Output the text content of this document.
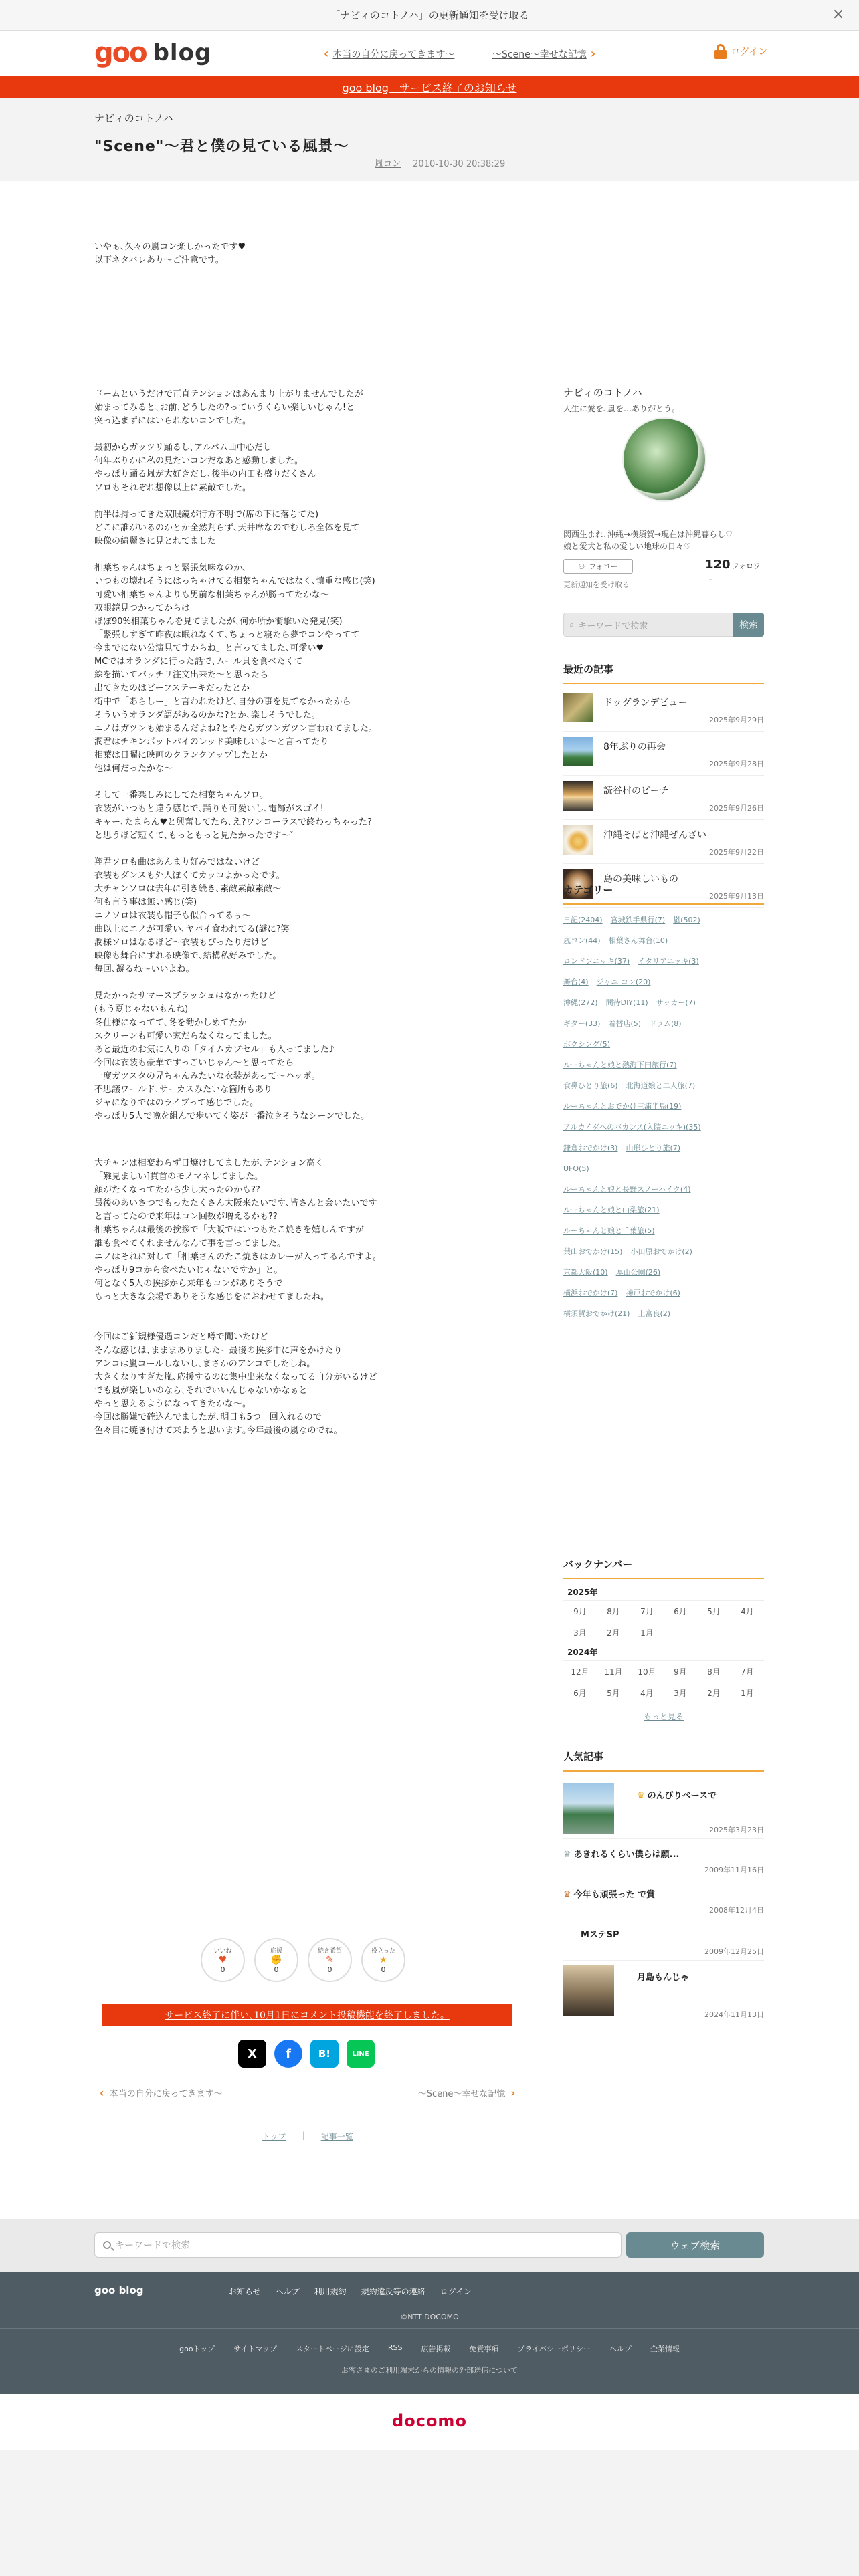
「ナビィのコトノハ」の更新通知を受け取る	×
goo blog	‹ 本当の自分に戻ってきます〜	〜Scene〜幸せな記憶 ›	ログイン
goo blog　サービス終了のお知らせ
ナビィのコトノハ
"Scene"〜君と僕の見ている風景〜
嵐コン 2010-10-30 20:38:29

いやぁ､久々の嵐コン楽しかったです♥
以下ネタバレあり〜ご注意です。

ドームというだけで正直テンションはあんまり上がりませんでしたが
始まってみると､お前､どうしたの?っていうくらい楽しいじゃん!と
突っ込まずにはいられないコンでした。

最初からガッツリ踊るし､アルバム曲中心だし
何年ぶりかに私の見たいコンだなあと感動しました。
やっぱり踊る嵐が大好きだし､後半の内田も盛りだくさん
ソロもそれぞれ想像以上に素敵でした。

前半は持ってきた双眼鏡が行方不明で(席の下に落ちてた)
どこに誰がいるのかとか全然判らず､天井席なのでむしろ全体を見て
映像の綺麗さに見とれてました

相葉ちゃんはちょっと緊張気味なのか､
いつもの壊れそうにはっちゃけてる相葉ちゃんではなく､慎重な感じ(笑)
可愛い相葉ちゃんよりも男前な相葉ちゃんが勝ってたかな〜
双眼鏡見つかってからは
ほぼ90%相葉ちゃんを見てましたが､何か所か衝撃いた発見(笑)
「緊張しすぎて昨夜は眠れなくて､ちょっと寝たら夢でコンやってて
今までにない公演見てすからね」と言ってました､可愛い♥
MCではオランダに行った話で､ムール貝を食べたくて
絵を描いてバッチリ注文出来た〜と思ったら
出てきたのはビーフステーキだったとか
街中で「あらしー」と言われたけど､自分の事を見てなかったから
そういうオランダ語があるのかな?とか､楽しそうでした。
ニノはガツンも始まるんだよね?とやたらガツンガツン言われてました。
潤君はチキンポットパイのレッド美味しいよ〜と言ってたり
相葉は日曜に映画のクランクアップしたとか
他は何だったかな〜

そして一番楽しみにしてた相葉ちゃんソロ｡
衣装がいつもと違う感じで､踊りも可愛いし､電飾がスゴイ!
キャー､たまらん♥と興奮してたら､え?ワンコーラスで終わっちゃった?
と思うほど短くて､もっともっと見たかったです〜゛

翔君ソロも曲はあんまり好みではないけど
衣装もダンスも外人ぽくてカッコよかったです。
大チャンソロは去年に引き続き､素敵素敵素敵〜
何も言う事は無い感じ(笑)
ニノソロは衣装も帽子も似合ってるぅ〜
曲以上にニノが可愛い､ヤバイ食われてる(謎に?笑
潤様ソロはなるほど〜衣装もぴったりだけど
映像も舞台にすれる映像で､結構私好みでした。
毎回､凝るね〜いいよね。

見たかったサマースプラッシュはなかったけど
(もう夏じゃないもんね)
冬仕様になってて､冬を勧かしめてたか
スクリーンも可愛い家だらなくなってました。
あと最近のお気に入りの「タイムカプセル」も入ってました♪
今回は衣装も豪華ですっごいじゃん〜と思ってたら
一度ガツスタの兄ちゃんみたいな衣装があって〜ハッポ｡
不思議ワールド､サーカスみたいな箇所もあり
ジャになりではのライブって感じでした。
やっぱり5人で晩を組んで歩いてく姿が一番泣きそうなシーンでした。

大チャンは相変わらず日焼けしてましたが､テンション高く
「難見ましい]貫首のモノマネしてました。
顔がたくなってたから少し太ったのかも??
最後のあいさつでもったたくさん大阪来たいです､皆さんと会いたいです
と言ってたので来年はコン回数が増えるかも??
相葉ちゃんは最後の挨拶で「大阪ではいつもたこ焼きを嬉しんですが
誰も食べてくれませんなんて事を言ってました。
ニノはそれに対して「相葉さんのたこ焼きはカレーが入ってるんですよ。
やっぱり9コから食べたいじゃないですか」と。
何となく5人の挨拶から来年もコンがありそうで
もっと大きな会場でありそうな感じをにおわせてましたね。

今回はご新規様優遇コンだと噂で聞いたけど
そんな感じは､まままありましたー最後の挨拶中に声をかけたり
アンコは嵐コールしないし､まさかのアンコでしたしね。
大きくなりすぎた嵐､応援するのに集中出来なくなってる自分がいるけど
でも嵐が楽しいのなら､それでいいんじゃないかなぁと
やっと思えるようになってきたかな〜。
今回は勝嫌で確込んでましたが､明日も5つ一回入れるので
色々目に焼き付けて来ようと思います｡今年最後の嵐なのでね。

ナビィのコトノハ
人生に愛を､嵐を…ありがとう｡
関西生まれ､沖縄→横須賀→現在は沖縄暮らし♡
娘と愛犬と私の愛しい地球の日々♡
⚇ フォロー	120 フォロワー
更新通知を受け取る
⌕ キーワードで検索	検索
最近の記事
ドッグランデビュー
2025年9月29日
8年ぶりの再会
2025年9月28日
読谷村のビーチ
2025年9月26日
沖縄そばと沖縄ぜんざい
2025年9月22日
島の美味しいもの
2025年9月13日
カテゴリー
日記(2404) 宮城鉄手県行(7) 嵐(502)
嵐コン(44) 相葉さん舞台(10)
ロンドンニッキ(37) イタリアニッキ(3)
舞台(4) ジャニ コン(20)
沖縄(272) 問待DIY(11) サッカー(7)
ギター(33) 着替店(5) ドラム(8)
ボクシング(5)
ルーちゃんと娘と熱海下田旅行(7)
食鼻ひとり旅(6) 北海道娘と二人旅(7)
ルーちゃんとおでかけ三浦半島(19)
アルカイダへのバカンス(入院ニッキ)(35)
鎌倉おでかけ(3) 山形ひとり旅(7)
UFO(5)
ルーちゃんと娘と長野スノーハイク(4)
ルーちゃんと娘と山梨旅(21)
ルーちゃんと娘と千葉旅(5)
葉山おでかけ(15) 小田原おでかけ(2)
京都大阪(10) 厚山公園(26)
横浜おでかけ(7) 神戸おでかけ(6)
横須賀おでかけ(21) 上富良(2)
バックナンバー
2025年
9月	8月	7月	6月	5月	4月
3月	2月	1月
2024年
12月	11月	10月	9月	8月	7月
6月	5月	4月	3月	2月	1月
もっと見る
人気記事
♛ のんびりペースで
2025年3月23日
♛ あきれるくらい僕らは願...
2009年11月16日
♛ 今年も頑張った で賞
2008年12月4日
MステSP
2009年12月25日
月島もんじゃ
2024年11月13日
いいね
♥
0
応援
✊
0
続き希望
✎
0
役立った
★
0
サービス終了に伴い､10月1日にコメント投稿機能を終了しました。
X	f	B!	LINE
‹ 本当の自分に戻ってきます〜	〜Scene〜幸せな記憶 ›
トップ | 記事一覧
キーワードで検索	ウェブ検索
goo blog	お知らせ ヘルプ 利用規約 規約違反等の連絡 ログイン
©NTT DOCOMO
gooトップ	サイトマップ	スタートページに設定	RSS	広告掲載	免責事項	プライバシーポリシー	ヘルプ	企業情報
お客さまのご利用端末からの情報の外部送信について
docomo
